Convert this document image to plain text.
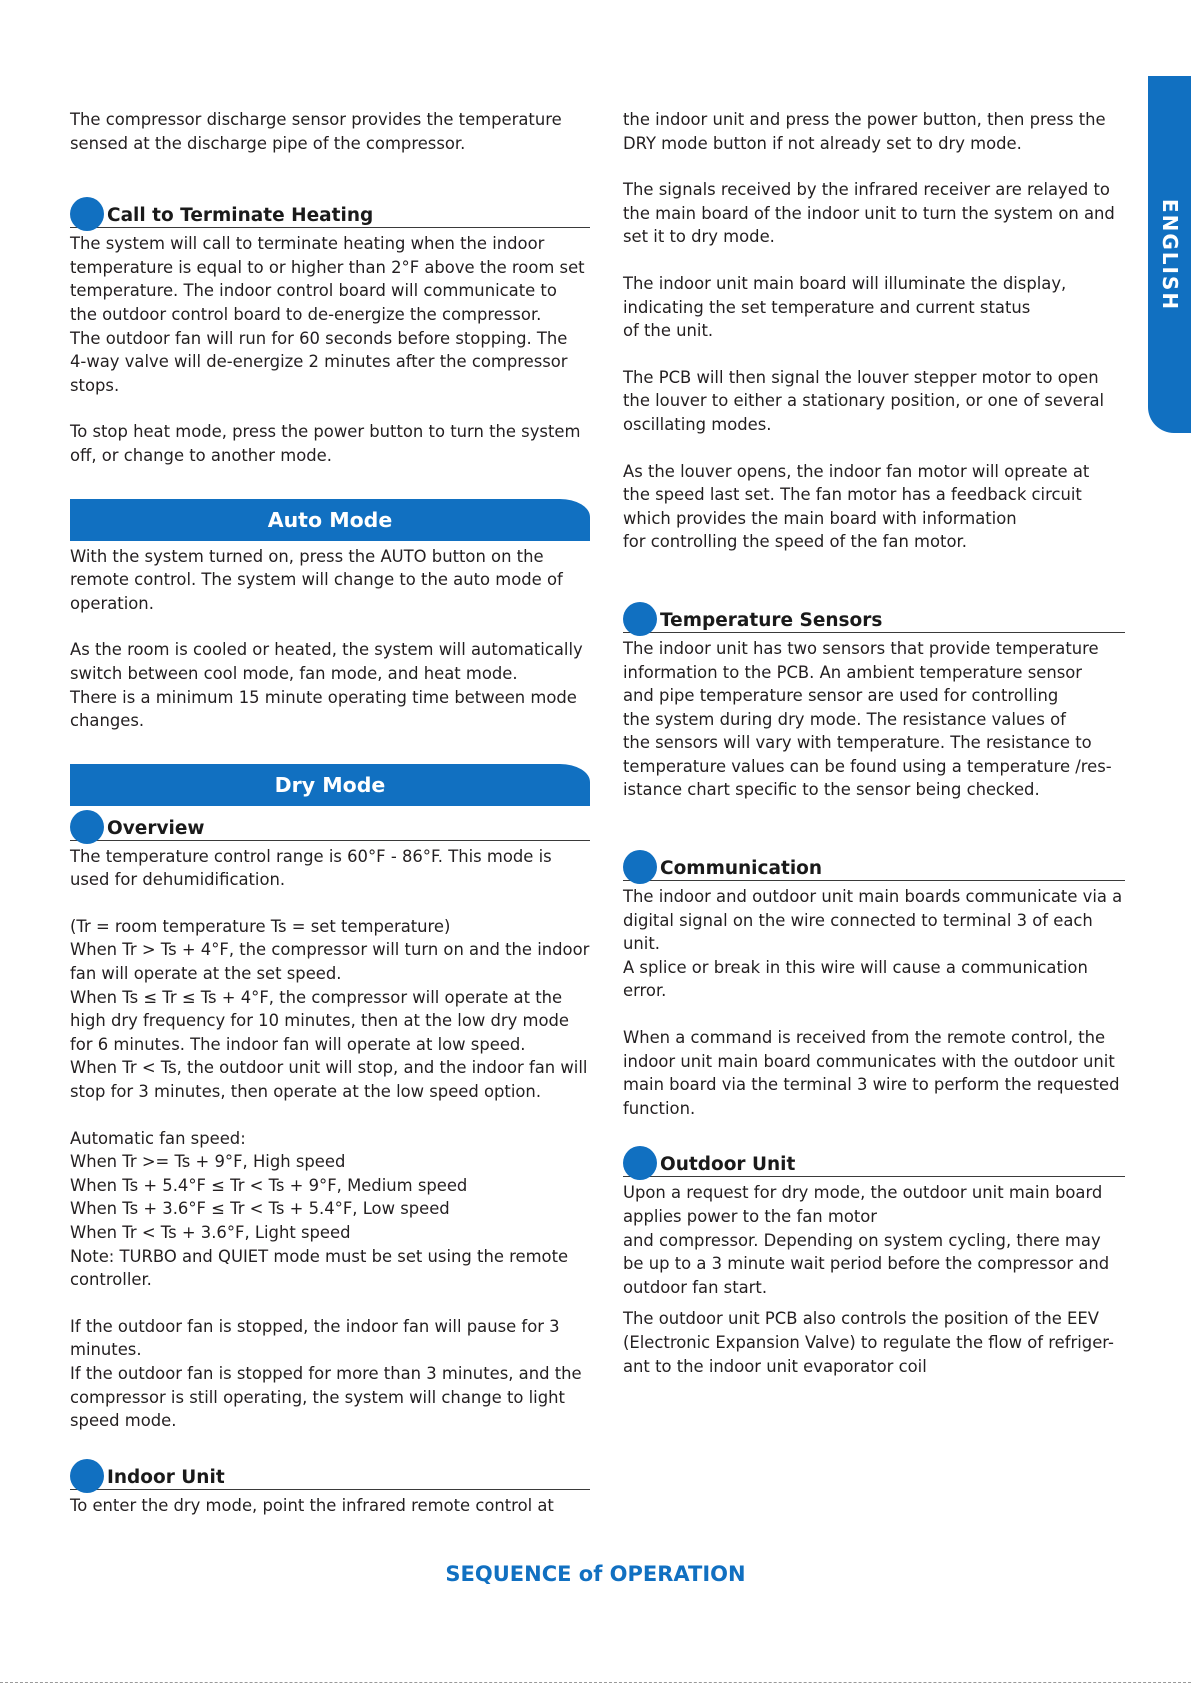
ENGLISH

The compressor discharge sensor provides the temperature
sensed at the discharge pipe of the compressor.

Call to Terminate Heating

The system will call to terminate heating when the indoor
temperature is equal to or higher than 2°F above the room set
temperature. The indoor control board will communicate to
the outdoor control board to de-energize the compressor.
The outdoor fan will run for 60 seconds before stopping. The
4-way valve will de-energize 2 minutes after the compressor
stops.

To stop heat mode, press the power button to turn the system
off, or change to another mode.

Auto Mode

With the system turned on, press the AUTO button on the
remote control. The system will change to the auto mode of
operation.

As the room is cooled or heated, the system will automatically
switch between cool mode, fan mode, and heat mode.
There is a minimum 15 minute operating time between mode
changes.

Dry Mode
Overview

The temperature control range is 60°F - 86°F. This mode is
used for dehumidification.

(Tr = room temperature Ts = set temperature)
When Tr > Ts + 4°F, the compressor will turn on and the indoor
fan will operate at the set speed.
When Ts ≤ Tr ≤ Ts + 4°F, the compressor will operate at the
high dry frequency for 10 minutes, then at the low dry mode
for 6 minutes. The indoor fan will operate at low speed.
When Tr < Ts, the outdoor unit will stop, and the indoor fan will
stop for 3 minutes, then operate at the low speed option.

Automatic fan speed:
When Tr >= Ts + 9°F, High speed
When Ts + 5.4°F ≤ Tr < Ts + 9°F, Medium speed
When Ts + 3.6°F ≤ Tr < Ts + 5.4°F, Low speed
When Tr < Ts + 3.6°F, Light speed
Note: TURBO and QUIET mode must be set using the remote
controller.

If the outdoor fan is stopped, the indoor fan will pause for 3
minutes.
If the outdoor fan is stopped for more than 3 minutes, and the
compressor is still operating, the system will change to light
speed mode.

Indoor Unit

To enter the dry mode, point the infrared remote control at

the indoor unit and press the power button, then press the
DRY mode button if not already set to dry mode.

The signals received by the infrared receiver are relayed to
the main board of the indoor unit to turn the system on and
set it to dry mode.

The indoor unit main board will illuminate the display,
indicating the set temperature and current status
of the unit.

The PCB will then signal the louver stepper motor to open
the louver to either a stationary position, or one of several
oscillating modes.

As the louver opens, the indoor fan motor will opreate at
the speed last set. The fan motor has a feedback circuit
which provides the main board with information
for controlling the speed of the fan motor.

Temperature Sensors

The indoor unit has two sensors that provide temperature
information to the PCB. An ambient temperature sensor
and pipe temperature sensor are used for controlling
the system during dry mode. The resistance values of
the sensors will vary with temperature. The resistance to
temperature values can be found using a temperature /res-
istance chart specific to the sensor being checked.

Communication

The indoor and outdoor unit main boards communicate via a
digital signal on the wire connected to terminal 3 of each unit.
A splice or break in this wire will cause a communication error.

When a command is received from the remote control, the
indoor unit main board communicates with the outdoor unit
main board via the terminal 3 wire to perform the requested
function.

Outdoor Unit

Upon a request for dry mode, the outdoor unit main board
applies power to the fan motor
and compressor. Depending on system cycling, there may
be up to a 3 minute wait period before the compressor and
outdoor fan start.

The outdoor unit PCB also controls the position of the EEV
(Electronic Expansion Valve) to regulate the flow of refriger-
ant to the indoor unit evaporator coil

SEQUENCE of OPERATION
